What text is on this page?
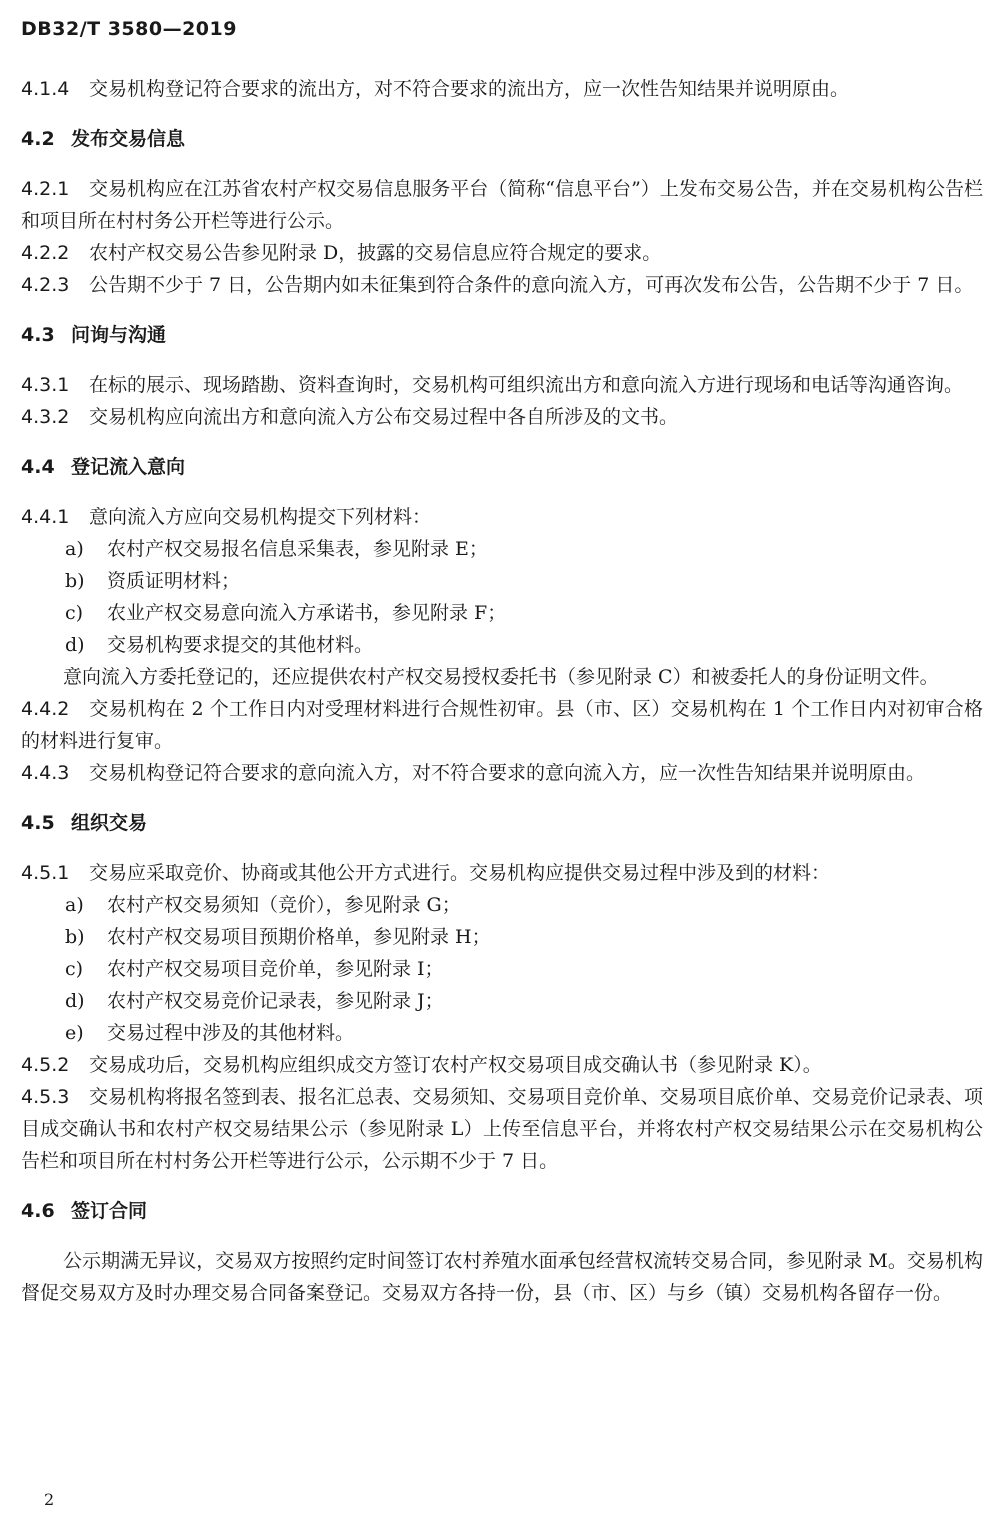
DB32/T 3580—2019

4.1.4 交易机构登记符合要求的流出方，对不符合要求的流出方，应一次性告知结果并说明原由。

4.2 发布交易信息

4.2.1 交易机构应在江苏省农村产权交易信息服务平台（简称“信息平台”）上发布交易公告，并在交易机构公告栏和项目所在村村务公开栏等进行公示。

4.2.2 农村产权交易公告参见附录 D，披露的交易信息应符合规定的要求。

4.2.3 公告期不少于 7 日，公告期内如未征集到符合条件的意向流入方，可再次发布公告，公告期不少于 7 日。

4.3 问询与沟通

4.3.1 在标的展示、现场踏勘、资料查询时，交易机构可组织流出方和意向流入方进行现场和电话等沟通咨询。

4.3.2 交易机构应向流出方和意向流入方公布交易过程中各自所涉及的文书。

4.4 登记流入意向

4.4.1 意向流入方应向交易机构提交下列材料：

a) 农村产权交易报名信息采集表，参见附录 E；
b) 资质证明材料；
c) 农业产权交易意向流入方承诺书，参见附录 F；
d) 交易机构要求提交的其他材料。

意向流入方委托登记的，还应提供农村产权交易授权委托书（参见附录 C）和被委托人的身份证明文件。

4.4.2 交易机构在 2 个工作日内对受理材料进行合规性初审。县（市、区）交易机构在 1 个工作日内对初审合格的材料进行复审。

4.4.3 交易机构登记符合要求的意向流入方，对不符合要求的意向流入方，应一次性告知结果并说明原由。

4.5 组织交易

4.5.1 交易应采取竞价、协商或其他公开方式进行。交易机构应提供交易过程中涉及到的材料：

a) 农村产权交易须知（竞价），参见附录 G；
b) 农村产权交易项目预期价格单，参见附录 H；
c) 农村产权交易项目竞价单，参见附录 I；
d) 农村产权交易竞价记录表，参见附录 J；
e) 交易过程中涉及的其他材料。

4.5.2 交易成功后，交易机构应组织成交方签订农村产权交易项目成交确认书（参见附录 K）。

4.5.3 交易机构将报名签到表、报名汇总表、交易须知、交易项目竞价单、交易项目底价单、交易竞价记录表、项目成交确认书和农村产权交易结果公示（参见附录 L）上传至信息平台，并将农村产权交易结果公示在交易机构公告栏和项目所在村村务公开栏等进行公示，公示期不少于 7 日。

4.6 签订合同

公示期满无异议，交易双方按照约定时间签订农村养殖水面承包经营权流转交易合同，参见附录 M。交易机构督促交易双方及时办理交易合同备案登记。交易双方各持一份，县（市、区）与乡（镇）交易机构各留存一份。

2
